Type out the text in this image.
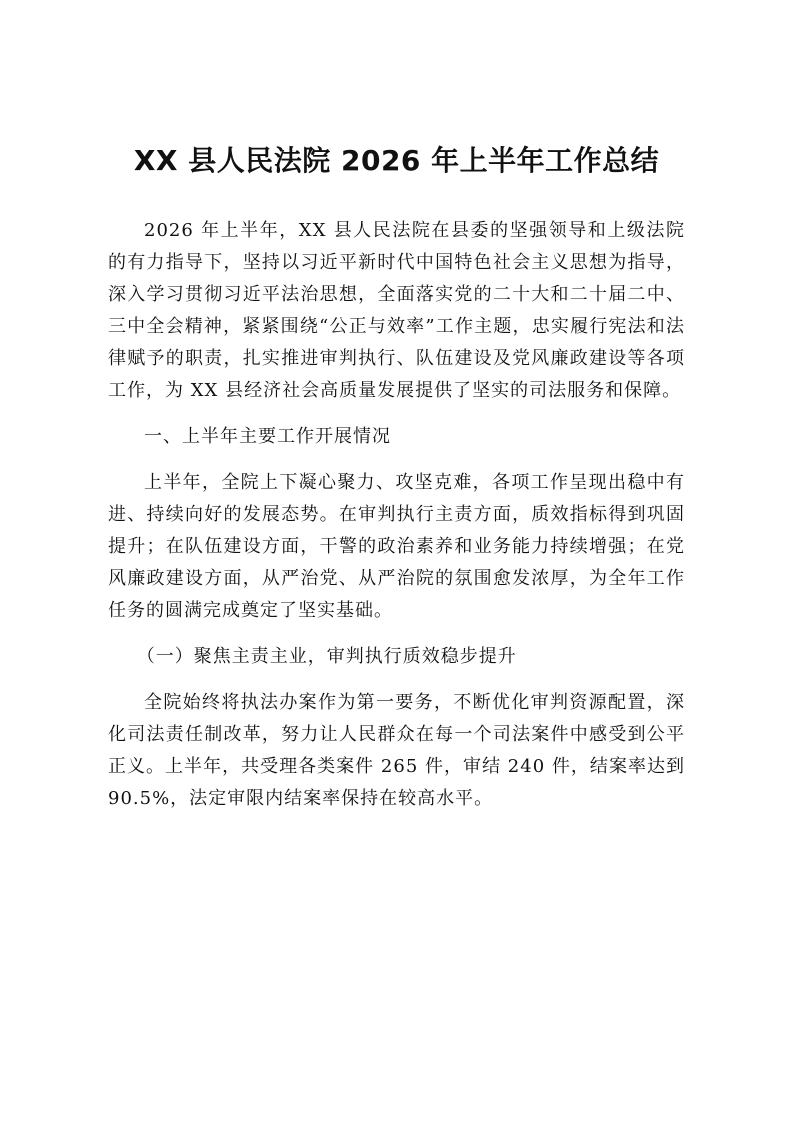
XX 县人民法院 2026 年上半年工作总结

2026 年上半年，XX 县人民法院在县委的坚强领导和上级法院的有力指导下，坚持以习近平新时代中国特色社会主义思想为指导，深入学习贯彻习近平法治思想，全面落实党的二十大和二十届二中、三中全会精神，紧紧围绕“公正与效率”工作主题，忠实履行宪法和法律赋予的职责，扎实推进审判执行、队伍建设及党风廉政建设等各项工作，为 XX 县经济社会高质量发展提供了坚实的司法服务和保障。

一、上半年主要工作开展情况

上半年，全院上下凝心聚力、攻坚克难，各项工作呈现出稳中有进、持续向好的发展态势。在审判执行主责方面，质效指标得到巩固提升；在队伍建设方面，干警的政治素养和业务能力持续增强；在党风廉政建设方面，从严治党、从严治院的氛围愈发浓厚，为全年工作任务的圆满完成奠定了坚实基础。

（一）聚焦主责主业，审判执行质效稳步提升

全院始终将执法办案作为第一要务，不断优化审判资源配置，深化司法责任制改革，努力让人民群众在每一个司法案件中感受到公平正义。上半年，共受理各类案件 265 件，审结 240 件，结案率达到 90.5%，法定审限内结案率保持在较高水平。
